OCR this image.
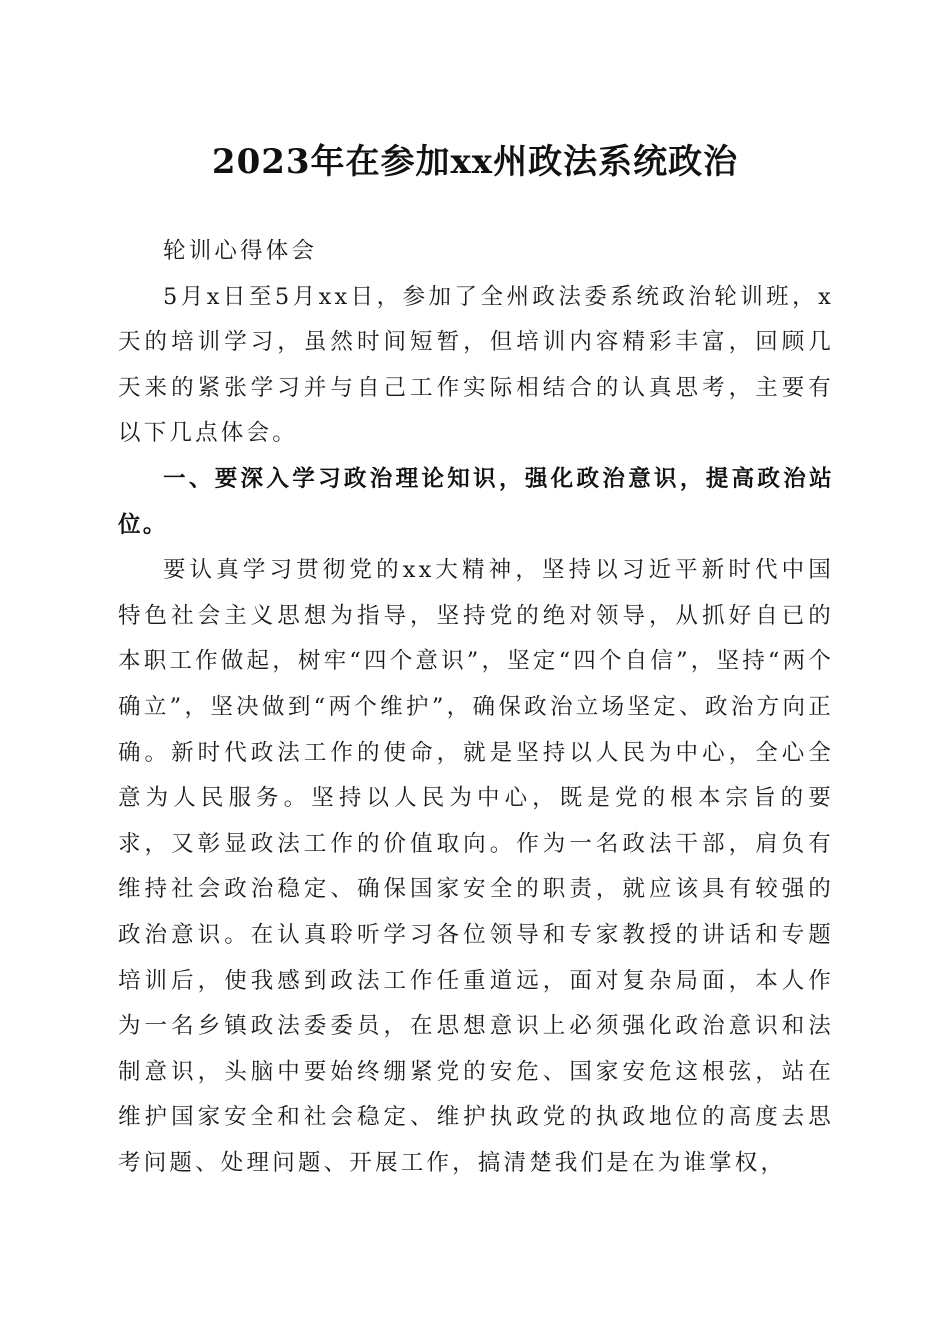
2023年在参加xx州政法系统政治

轮训心得体会

5月x日至5月xx日，参加了全州政法委系统政治轮训班，x天的培训学习，虽然时间短暂，但培训内容精彩丰富，回顾几天来的紧张学习并与自己工作实际相结合的认真思考，主要有以下几点体会。

一、要深入学习政治理论知识，强化政治意识，提高政治站位。

要认真学习贯彻党的xx大精神，坚持以习近平新时代中国特色社会主义思想为指导，坚持党的绝对领导，从抓好自已的本职工作做起，树牢“四个意识”，坚定“四个自信”，坚持“两个确立”，坚决做到“两个维护”，确保政治立场坚定、政治方向正确。新时代政法工作的使命，就是坚持以人民为中心，全心全意为人民服务。坚持以人民为中心，既是党的根本宗旨的要求，又彰显政法工作的价值取向。作为一名政法干部，肩负有维持社会政治稳定、确保国家安全的职责，就应该具有较强的政治意识。在认真聆听学习各位领导和专家教授的讲话和专题培训后，使我感到政法工作任重道远，面对复杂局面，本人作为一名乡镇政法委委员，在思想意识上必须强化政治意识和法制意识，头脑中要始终绷紧党的安危、国家安危这根弦，站在维护国家安全和社会稳定、维护执政党的执政地位的高度去思考问题、处理问题、开展工作，搞清楚我们是在为谁掌权，
